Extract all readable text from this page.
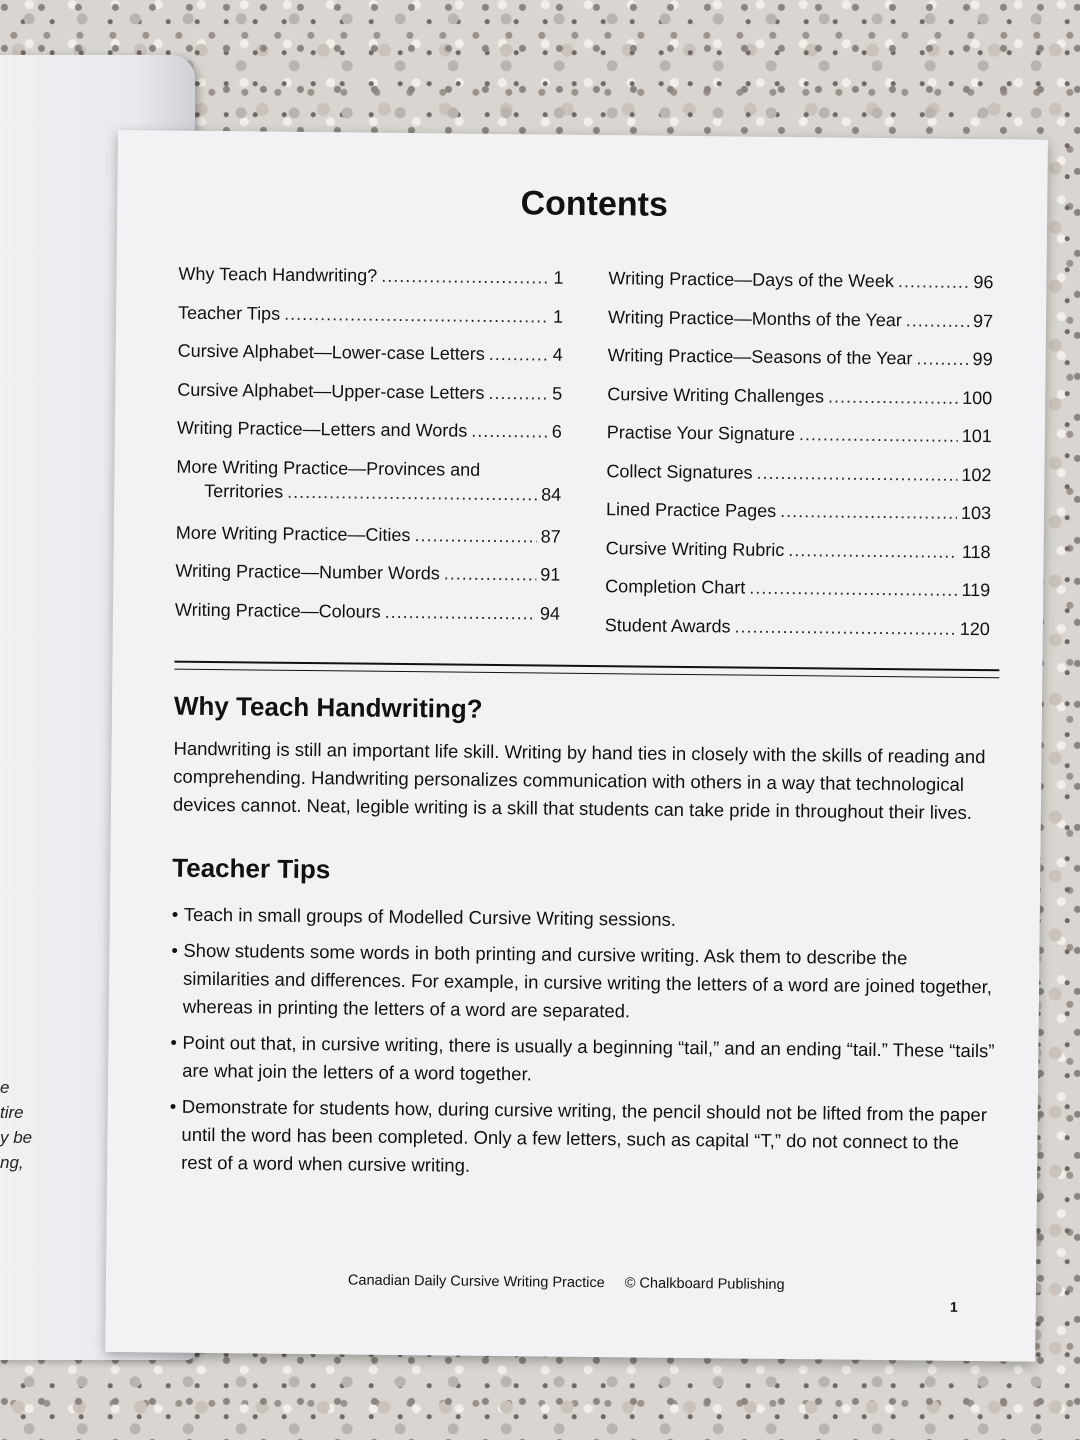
e
tire
y be
ng,
Contents
Why Teach Handwriting? .....	1
Teacher Tips .....	1
Cursive Alphabet—Lower-case Letters .....	4
Cursive Alphabet—Upper-case Letters .....	5
Writing Practice—Letters and Words .....	6
More Writing Practice—Provinces and
Territories .....	84
More Writing Practice—Cities .....	87
Writing Practice—Number Words .....	91
Writing Practice—Colours .....	94
Writing Practice—Days of the Week .....	96
Writing Practice—Months of the Year .....	97
Writing Practice—Seasons of the Year .....	99
Cursive Writing Challenges .....	100
Practise Your Signature .....	101
Collect Signatures .....	102
Lined Practice Pages .....	103
Cursive Writing Rubric .....	118
Completion Chart .....	119
Student Awards .....	120
Why Teach Handwriting?
Handwriting is still an important life skill. Writing by hand ties in closely with the skills of reading and comprehending. Handwriting personalizes communication with others in a way that technological devices cannot. Neat, legible writing is a skill that students can take pride in throughout their lives.
Teacher Tips
• Teach in small groups of Modelled Cursive Writing sessions.
• Show students some words in both printing and cursive writing. Ask them to describe the similarities and differences. For example, in cursive writing the letters of a word are joined together, whereas in printing the letters of a word are separated.
• Point out that, in cursive writing, there is usually a beginning “tail,” and an ending “tail.” These “tails” are what join the letters of a word together.
• Demonstrate for students how, during cursive writing, the pencil should not be lifted from the paper until the word has been completed. Only a few letters, such as capital “T,” do not connect to the rest of a word when cursive writing.
Canadian Daily Cursive Writing Practice © Chalkboard Publishing
1
